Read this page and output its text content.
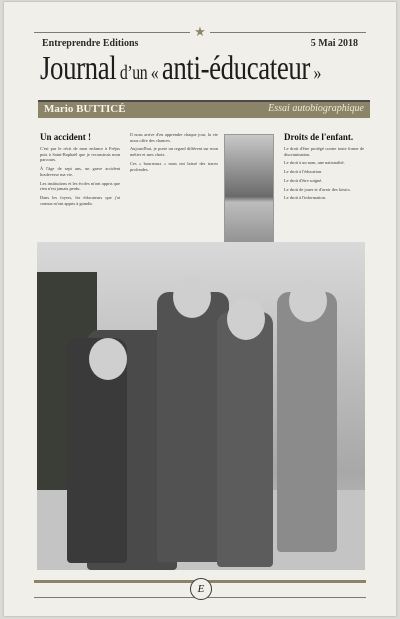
★
Entreprendre Editions	5 Mai 2018
Journal d’un « anti-éducateur »
Mario BUTTICÉ	Essai autobiographique
Un accident !

C'est par le récit de mon enfance à Fréjus puis à Saint-Raphaël que je reconstruis mon parcours.

À l'âge de sept ans, un grave accident bouleverse ma vie.

Les institutions et les écoles m'ont appris que rien n'est jamais perdu.

Dans les foyers, les éducateurs que j'ai connus m'ont appris à grandir.

Il nous arrive d'en apprendre chaque jour, la vie nous offre des chances.

Aujourd'hui, je porte un regard différent sur mon métier et mes choix.

Ces « bourreaux » nous ont laissé des traces profondes.

Droits de l'enfant.

Le droit d'être protégé contre toute forme de discrimination.

Le droit à un nom, une nationalité.

Le droit à l'éducation.

Le droit d'être soigné.

Le droit de jouer et d'avoir des loisirs.

Le droit à l'information.

E
